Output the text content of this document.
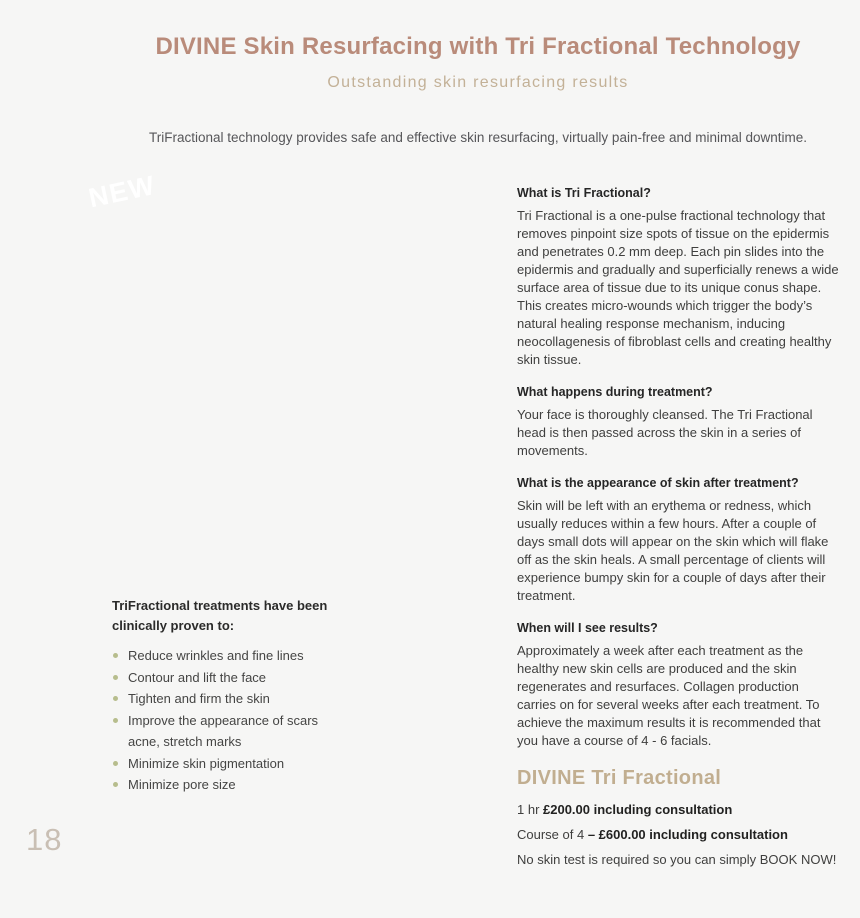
DIVINE Skin Resurfacing with Tri Fractional Technology
Outstanding skin resurfacing results
TriFractional technology provides safe and effective skin resurfacing, virtually pain-free and minimal downtime.
NEW
TriFractional treatments have been clinically proven to:
Reduce wrinkles and fine lines
Contour and lift the face
Tighten and firm the skin
Improve the appearance of scars
acne, stretch marks
Minimize skin pigmentation
Minimize pore size
What is Tri Fractional?

Tri Fractional is a one-pulse fractional technology that removes pinpoint size spots of tissue on the epidermis and penetrates 0.2 mm deep. Each pin slides into the epidermis and gradually and superficially renews a wide surface area of tissue due to its unique conus shape. This creates micro-wounds which trigger the body’s natural healing response mechanism, inducing neocollagenesis of fibroblast cells and creating healthy skin tissue.

What happens during treatment?

Your face is thoroughly cleansed. The Tri Fractional head is then passed across the skin in a series of movements.

What is the appearance of skin after treatment?

Skin will be left with an erythema or redness, which usually reduces within a few hours. After a couple of days small dots will appear on the skin which will flake off as the skin heals. A small percentage of clients will experience bumpy skin for a couple of days after their treatment.

When will I see results?

Approximately a week after each treatment as the healthy new skin cells are produced and the skin regenerates and resurfaces. Collagen production carries on for several weeks after each treatment. To achieve the maximum results it is recommended that you have a course of 4 - 6 facials.

DIVINE Tri Fractional

1 hr £200.00 including consultation

Course of 4 – £600.00 including consultation

No skin test is required so you can simply BOOK NOW!

18
